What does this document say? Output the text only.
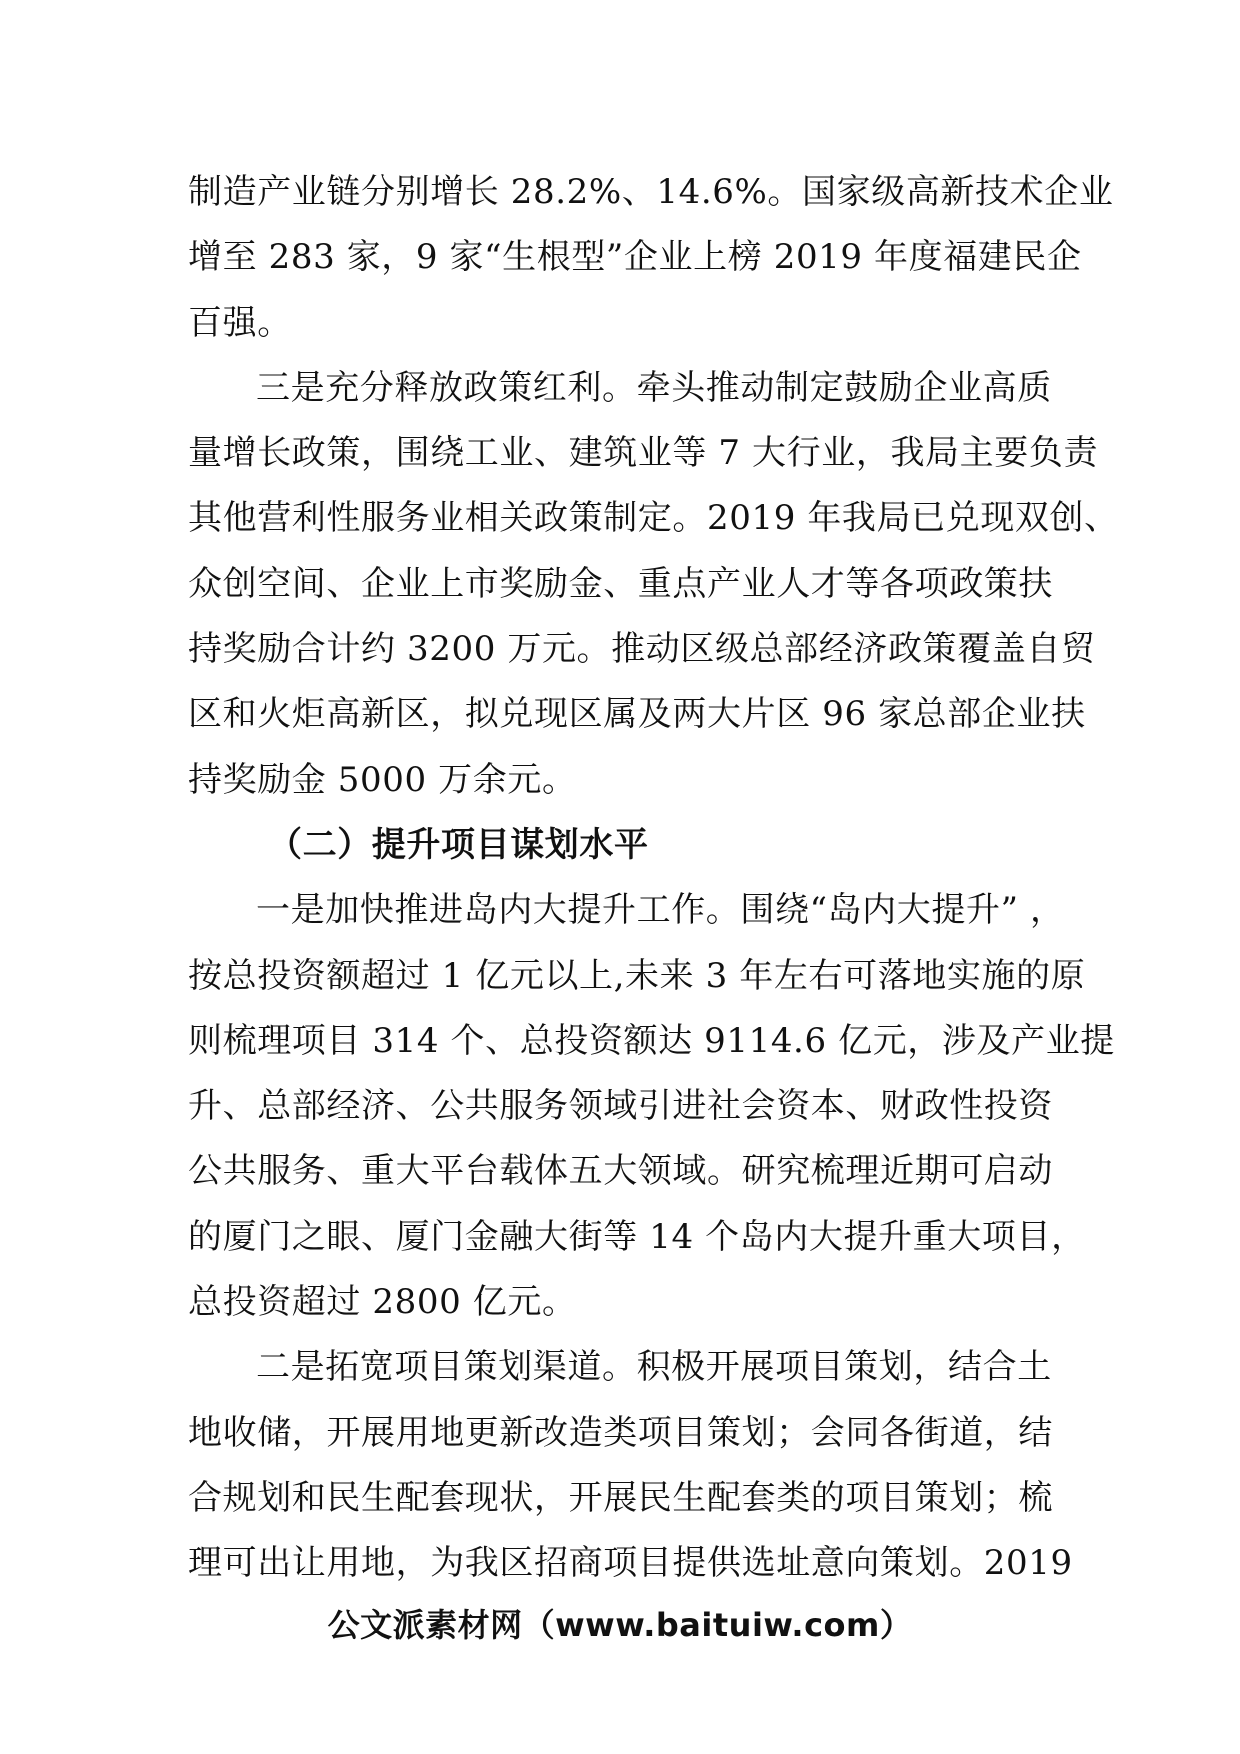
制造产业链分别增长 28.2%、14.6%。国家级高新技术企业
增至 283 家，9 家“生根型”企业上榜 2019 年度福建民企
百强。
三是充分释放政策红利。牵头推动制定鼓励企业高质
量增长政策，围绕工业、建筑业等 7 大行业，我局主要负责
其他营利性服务业相关政策制定。2019 年我局已兑现双创、
众创空间、企业上市奖励金、重点产业人才等各项政策扶
持奖励合计约 3200 万元。推动区级总部经济政策覆盖自贸
区和火炬高新区，拟兑现区属及两大片区 96 家总部企业扶
持奖励金 5000 万余元。
（二）提升项目谋划水平
一是加快推进岛内大提升工作。围绕“岛内大提升” ，
按总投资额超过 1 亿元以上,未来 3 年左右可落地实施的原
则梳理项目 314 个、总投资额达 9114.6 亿元，涉及产业提
升、总部经济、公共服务领域引进社会资本、财政性投资
公共服务、重大平台载体五大领域。研究梳理近期可启动
的厦门之眼、厦门金融大街等 14 个岛内大提升重大项目，
总投资超过 2800 亿元。
二是拓宽项目策划渠道。积极开展项目策划，结合土
地收储，开展用地更新改造类项目策划；会同各街道，结
合规划和民生配套现状，开展民生配套类的项目策划；梳
理可出让用地，为我区招商项目提供选址意向策划。2019
公文派素材网（www.baituiw.com）
